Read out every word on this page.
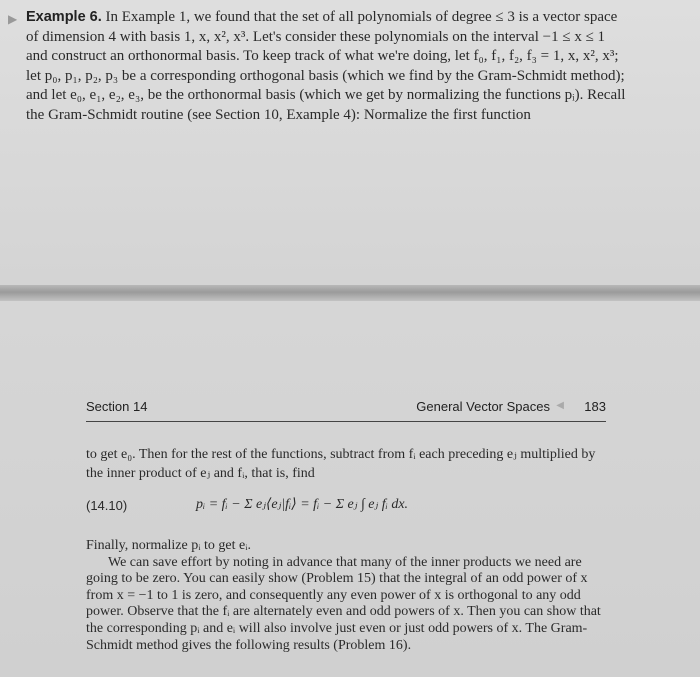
▶ Example 6. In Example 1, we found that the set of all polynomials of degree ≤ 3 is a vector space of dimension 4 with basis 1, x, x², x³. Let's consider these polynomials on the interval −1 ≤ x ≤ 1 and construct an orthonormal basis. To keep track of what we're doing, let f₀, f₁, f₂, f₃ = 1, x, x², x³; let p₀, p₁, p₂, p₃ be a corresponding orthogonal basis (which we find by the Gram-Schmidt method); and let e₀, e₁, e₂, e₃, be the orthonormal basis (which we get by normalizing the functions pᵢ). Recall the Gram-Schmidt routine (see Section 10, Example 4): Normalize the first function
Section 14	General Vector Spaces ◀ 183

to get e₀. Then for the rest of the functions, subtract from fᵢ each preceding eⱼ multiplied by the inner product of eⱼ and fᵢ, that is, find

(14.10)	pᵢ = fᵢ − Σ eⱼ⟨eⱼ|fᵢ⟩ = fᵢ − Σ eⱼ ∫ eⱼ fᵢ dx.

Finally, normalize pᵢ to get eᵢ.

We can save effort by noting in advance that many of the inner products we need are going to be zero. You can easily show (Problem 15) that the integral of an odd power of x from x = −1 to 1 is zero, and consequently any even power of x is orthogonal to any odd power. Observe that the fᵢ are alternately even and odd powers of x. Then you can show that the corresponding pᵢ and eᵢ will also involve just even or just odd powers of x. The Gram-Schmidt method gives the following results (Problem 16).
